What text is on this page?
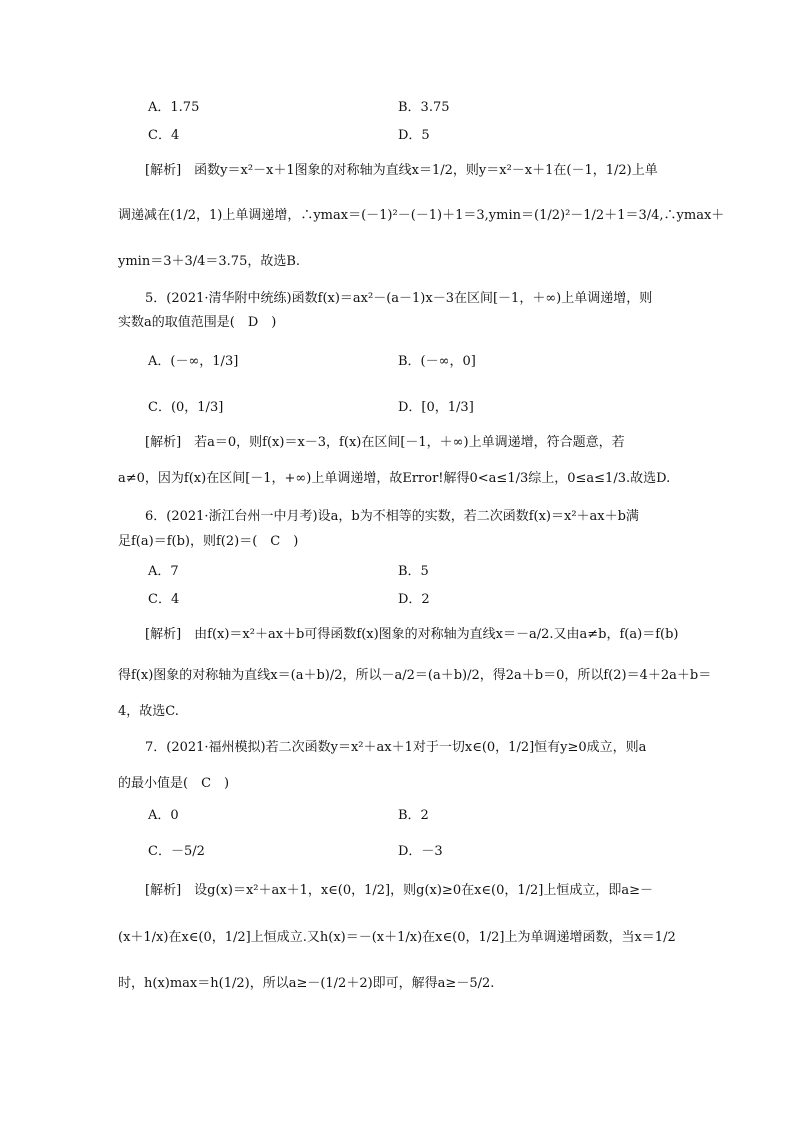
A．1.75	B．3.75
C．4	D．5
[解析]　函数y＝x²－x＋1图象的对称轴为直线x＝1/2，则y＝x²－x＋1在(－1，1/2)上单
调递减在(1/2，1)上单调递增，∴ymax＝(－1)²－(－1)＋1＝3,ymin＝(1/2)²－1/2＋1＝3/4,∴ymax＋
ymin＝3＋3/4＝3.75，故选B.
5．(2021·清华附中统练)函数f(x)＝ax²－(a－1)x－3在区间[－1，＋∞)上单调递增，则
实数a的取值范围是(　D　)
A．(－∞，1/3]	B．(－∞，0]
C．(0，1/3]	D．[0，1/3]
[解析]　若a＝0，则f(x)＝x－3，f(x)在区间[－1，＋∞)上单调递增，符合题意，若
a≠0，因为f(x)在区间[－1，+∞)上单调递增，故Error!解得0<a≤1/3综上，0≤a≤1/3.故选D.
6．(2021·浙江台州一中月考)设a，b为不相等的实数，若二次函数f(x)＝x²＋ax＋b满
足f(a)＝f(b)，则f(2)＝(　C　)
A．7	B．5
C．4	D．2
[解析]　由f(x)＝x²＋ax＋b可得函数f(x)图象的对称轴为直线x＝－a/2.又由a≠b，f(a)＝f(b)
得f(x)图象的对称轴为直线x＝(a＋b)/2，所以－a/2＝(a＋b)/2，得2a＋b＝0，所以f(2)＝4＋2a＋b＝
4，故选C.
7．(2021·福州模拟)若二次函数y＝x²＋ax＋1对于一切x∈(0，1/2]恒有y≥0成立，则a
的最小值是(　C　)
A．0	B．2
C．－5/2	D．－3
[解析]　设g(x)＝x²＋ax＋1，x∈(0，1/2]，则g(x)≥0在x∈(0，1/2]上恒成立，即a≥－
(x＋1/x)在x∈(0，1/2]上恒成立.又h(x)＝－(x＋1/x)在x∈(0，1/2]上为单调递增函数，当x＝1/2
时，h(x)max＝h(1/2)，所以a≥－(1/2＋2)即可，解得a≥－5/2.
